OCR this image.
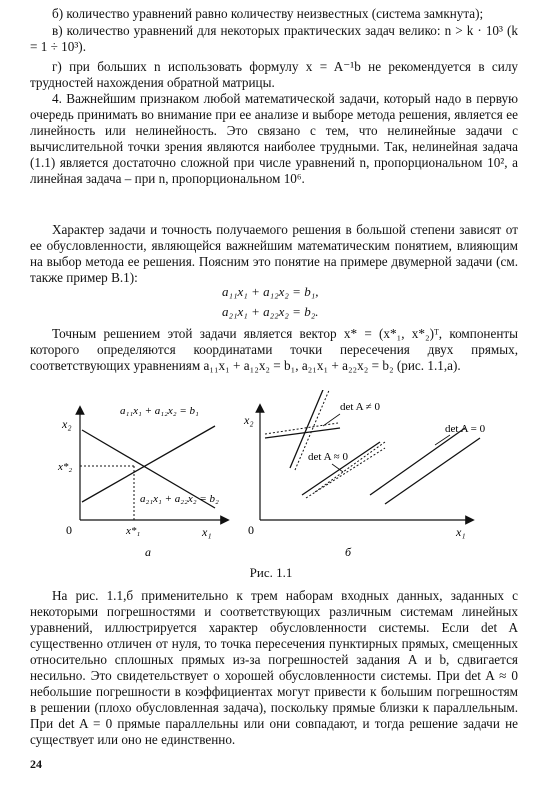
б) количество уравнений равно количеству неизвестных (система замкнута);

в) количество уравнений для некоторых практических задач велико: n > k · 10³ (k = 1 ÷ 10³).

г) при больших n использовать формулу x = A⁻¹b не рекомендуется в силу трудностей нахождения обратной матрицы.

4. Важнейшим признаком любой математической задачи, который надо в первую очередь принимать во внимание при ее анализе и выборе метода решения, является ее линейность или нелинейность. Это связано с тем, что нелинейные задачи с вычислительной точки зрения являются наиболее трудными. Так, нелинейная задача (1.1) является достаточно сложной при числе уравнений n, пропорциональном 10², а линейная задача – при n, пропорциональном 10⁶.

Характер задачи и точность получаемого решения в большой степени зависят от ее обусловленности, являющейся важнейшим математическим понятием, влияющим на выбор метода ее решения. Поясним это понятие на примере двумерной задачи (см. также пример В.1):

a₁₁x₁ + a₁₂x₂ = b₁,
a₂₁x₁ + a₂₂x₂ = b₂.

Точным решением этой задачи является вектор x* = (x*₁, x*₂)ᵀ, компоненты которого определяются координатами точки пересечения двух прямых, соответствующих уравнениям a₁₁x₁ + a₁₂x₂ = b₁, a₂₁x₁ + a₂₂x₂ = b₂ (рис. 1.1,а).

x₂
x₁
0
a₁₁x₁ + a₁₂x₂ = b₁
a₂₁x₁ + a₂₂x₂ = b₂
x*₁
x*₂
а
x₂
x₁
0
det A ≠ 0
det A = 0
det A ≈ 0
б
Рис. 1.1

На рис. 1.1,б применительно к трем наборам входных данных, заданных с некоторыми погрешностями и соответствующих различным системам линейных уравнений, иллюстрируется характер обусловленности системы. Если det A существенно отличен от нуля, то точка пересечения пунктирных прямых, смещенных относительно сплошных прямых из-за погрешностей задания A и b, сдвигается несильно. Это свидетельствует о хорошей обусловленности системы. При det A ≈ 0 небольшие погрешности в коэффициентах могут привести к большим погрешностям в решении (плохо обусловленная задача), поскольку прямые близки к параллельным. При det A = 0 прямые параллельны или они совпадают, и тогда решение задачи не существует или оно не единственно.

24
